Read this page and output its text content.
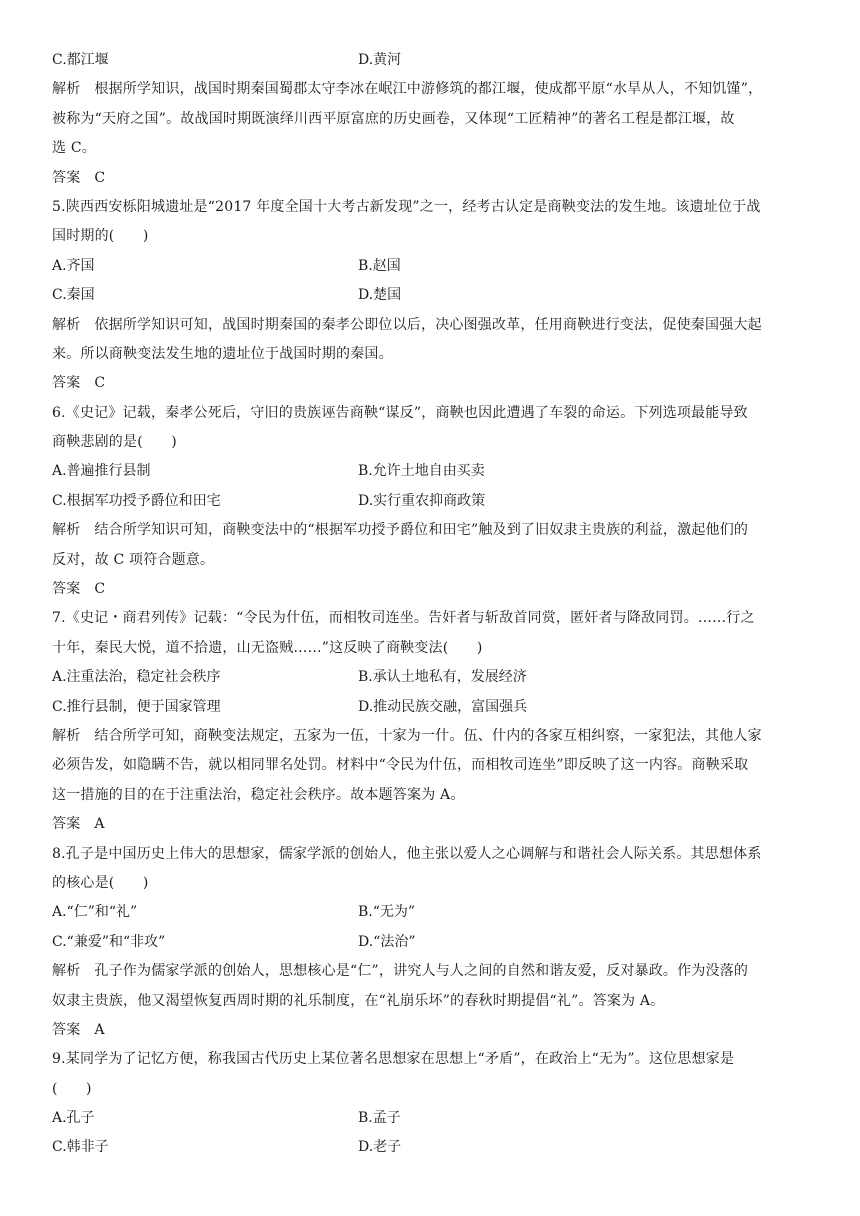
C.都江堰	D.黄河
解析 根据所学知识，战国时期秦国蜀郡太守李冰在岷江中游修筑的都江堰，使成都平原“水旱从人，不知饥馑”，
被称为“天府之国”。故战国时期既演绎川西平原富庶的历史画卷，又体现“工匠精神”的著名工程是都江堰，故
选 C。
答案 C
5.陕西西安栎阳城遗址是“2017 年度全国十大考古新发现”之一，经考古认定是商鞅变法的发生地。该遗址位于战
国时期的(　　)
A.齐国	B.赵国
C.秦国	D.楚国
解析 依据所学知识可知，战国时期秦国的秦孝公即位以后，决心图强改革，任用商鞅进行变法，促使秦国强大起
来。所以商鞅变法发生地的遗址位于战国时期的秦国。
答案 C
6.《史记》记载，秦孝公死后，守旧的贵族诬告商鞅“谋反”，商鞅也因此遭遇了车裂的命运。下列选项最能导致
商鞅悲剧的是(　　)
A.普遍推行县制	B.允许土地自由买卖
C.根据军功授予爵位和田宅	D.实行重农抑商政策
解析 结合所学知识可知，商鞅变法中的“根据军功授予爵位和田宅”触及到了旧奴隶主贵族的利益，激起他们的
反对，故 C 项符合题意。
答案 C
7.《史记・商君列传》记载：“令民为什伍，而相牧司连坐。告奸者与斩敌首同赏，匿奸者与降敌同罚。……行之
十年，秦民大悦，道不拾遗，山无盗贼……”这反映了商鞅变法(　　)
A.注重法治，稳定社会秩序	B.承认土地私有，发展经济
C.推行县制，便于国家管理	D.推动民族交融，富国强兵
解析 结合所学可知，商鞅变法规定，五家为一伍，十家为一什。伍、什内的各家互相纠察，一家犯法，其他人家
必须告发，如隐瞒不告，就以相同罪名处罚。材料中“令民为什伍，而相牧司连坐”即反映了这一内容。商鞅采取
这一措施的目的在于注重法治，稳定社会秩序。故本题答案为 A。
答案 A
8.孔子是中国历史上伟大的思想家，儒家学派的创始人，他主张以爱人之心调解与和谐社会人际关系。其思想体系
的核心是(　　)
A.“仁”和“礼”	B.“无为”
C.“兼爱”和“非攻”	D.“法治”
解析 孔子作为儒家学派的创始人，思想核心是“仁”，讲究人与人之间的自然和谐友爱，反对暴政。作为没落的
奴隶主贵族，他又渴望恢复西周时期的礼乐制度，在“礼崩乐坏”的春秋时期提倡“礼”。答案为 A。
答案 A
9.某同学为了记忆方便，称我国古代历史上某位著名思想家在思想上“矛盾”，在政治上“无为”。这位思想家是
(　　)
A.孔子	B.孟子
C.韩非子	D.老子
